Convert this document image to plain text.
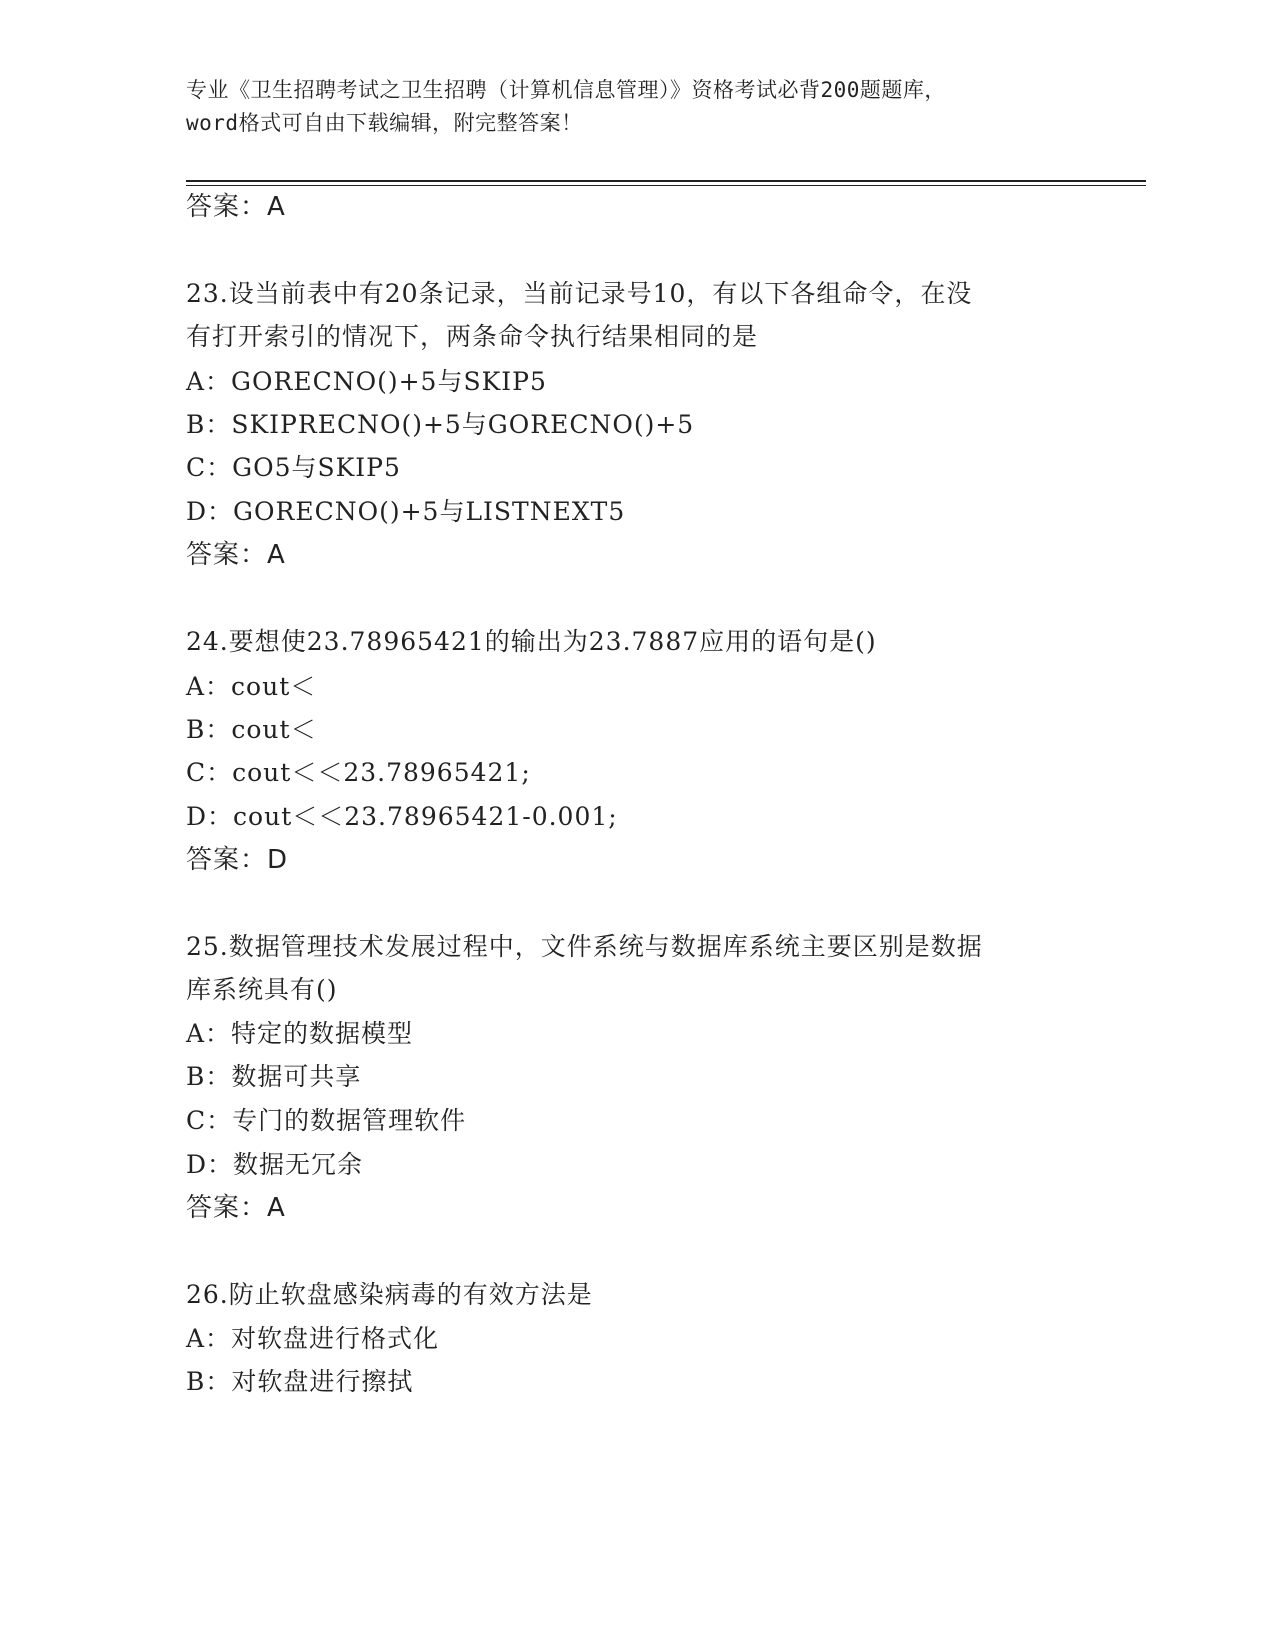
专业《卫生招聘考试之卫生招聘（计算机信息管理）》资格考试必背200题题库，
word格式可自由下载编辑，附完整答案！
答案：A
23.设当前表中有20条记录，当前记录号10，有以下各组命令，在没
有打开索引的情况下，两条命令执行结果相同的是
A：GORECNO()+5与SKIP5
B：SKIPRECNO()+5与GORECNO()+5
C：GO5与SKIP5
D：GORECNO()+5与LISTNEXT5
答案：A
24.要想使23.78965421的输出为23.7887应用的语句是()
A：cout＜
B：cout＜
C：cout＜＜23.78965421;
D：cout＜＜23.78965421-0.001;
答案：D
25.数据管理技术发展过程中，文件系统与数据库系统主要区别是数据
库系统具有()
A：特定的数据模型
B：数据可共享
C：专门的数据管理软件
D：数据无冗余
答案：A
26.防止软盘感染病毒的有效方法是
A：对软盘进行格式化
B：对软盘进行擦拭
